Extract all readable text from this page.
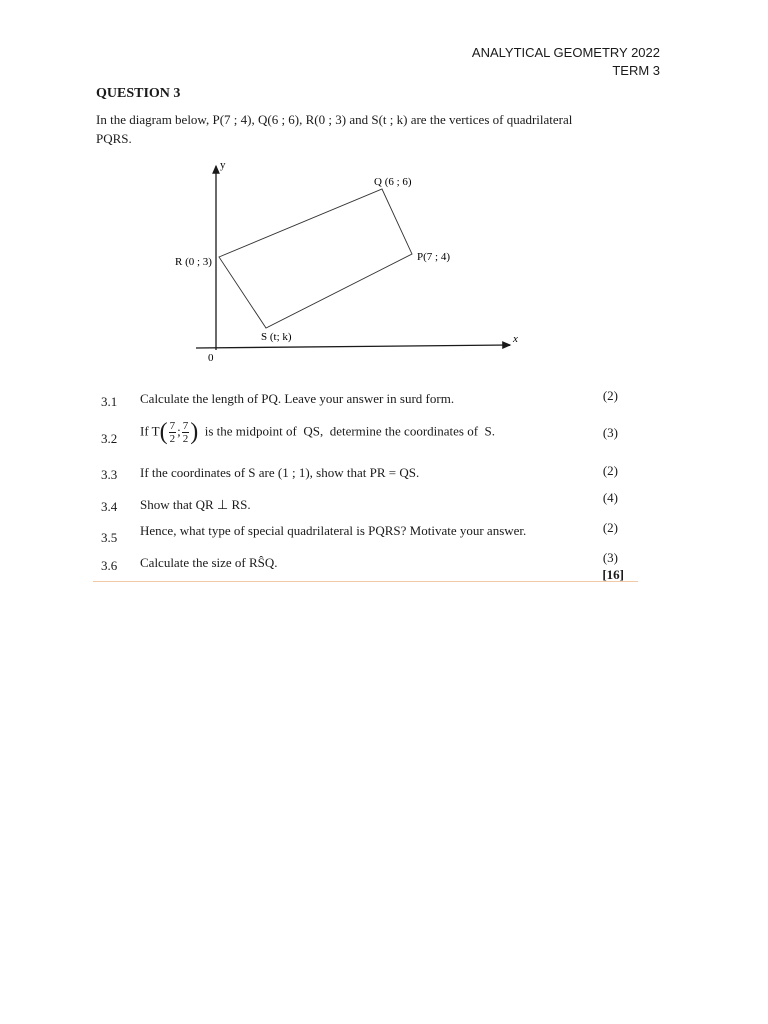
ANALYTICAL GEOMETRY 2022
TERM 3
QUESTION 3
In the diagram below, P(7 ; 4), Q(6 ; 6), R(0 ; 3) and S(t ; k) are the vertices of quadrilateral
PQRS.
y
x
0
Q (6 ; 6)
P(7 ; 4)
R (0 ; 3)
S (t; k)
3.1 Calculate the length of PQ. Leave your answer in surd form.	(2)
3.2
If $T( \frac{7}{2}$ ; $\frac{7}{2}$ )  is the midpoint of  QS,  determine the coordinates of  S.	(3)
3.3 If the coordinates of S are (1 ; 1), show that PR = QS.	(2)
3.4 Show that QR ⊥ RS.	(4)
3.5 Hence, what type of special quadrilateral is PQRS? Motivate your answer.	(2)
3.6 Calculate the size of RŜQ.	(3)
[16]
